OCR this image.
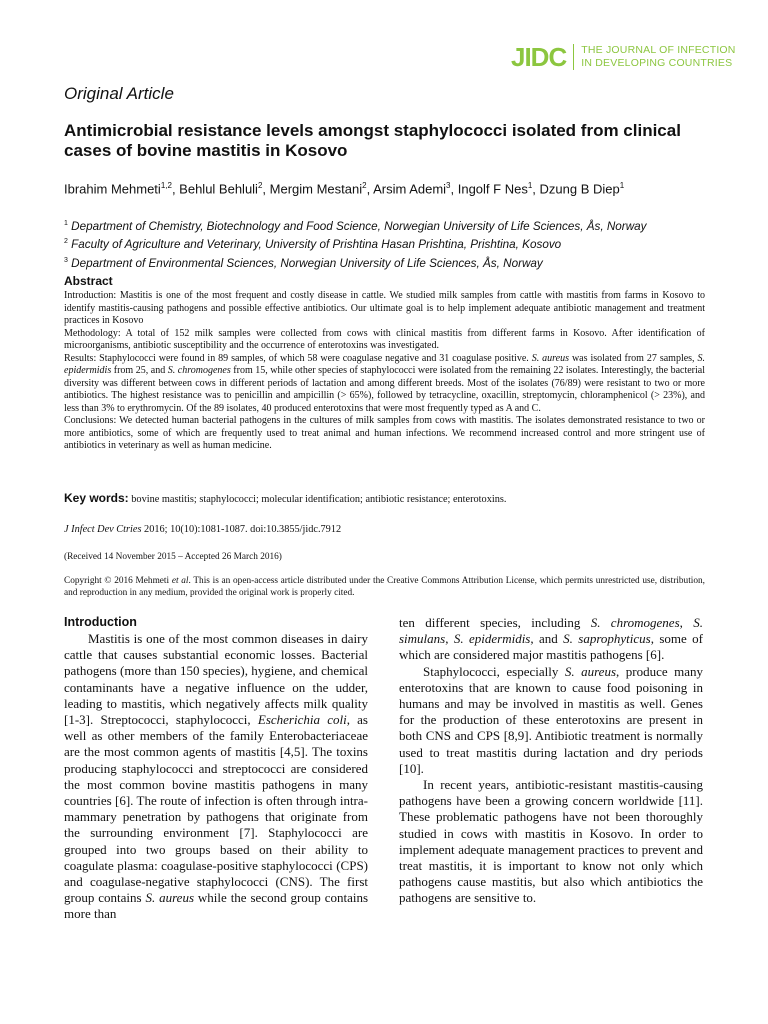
JIDC THE JOURNAL OF INFECTION
IN DEVELOPING COUNTRIES
Original Article
Antimicrobial resistance levels amongst staphylococci isolated from clinical cases of bovine mastitis in Kosovo
Ibrahim Mehmeti$^{1,2}$, Behlul Behluli$^2$, Mergim Mestani$^2$, Arsim Ademi$^3$, Ingolf F Nes$^1$, Dzung B Diep$^1$
$^1$ Department of Chemistry, Biotechnology and Food Science, Norwegian University of Life Sciences, Ås, Norway
$^2$ Faculty of Agriculture and Veterinary, University of Prishtina Hasan Prishtina, Prishtina, Kosovo
$^3$ Department of Environmental Sciences, Norwegian University of Life Sciences, Ås, Norway
Abstract

Introduction: Mastitis is one of the most frequent and costly disease in cattle. We studied milk samples from cattle with mastitis from farms in Kosovo to identify mastitis-causing pathogens and possible effective antibiotics. Our ultimate goal is to help implement adequate antibiotic management and treatment practices in Kosovo

Methodology: A total of 152 milk samples were collected from cows with clinical mastitis from different farms in Kosovo. After identification of microorganisms, antibiotic susceptibility and the occurrence of enterotoxins was investigated.

Results: Staphylococci were found in 89 samples, of which 58 were coagulase negative and 31 coagulase positive. S. aureus was isolated from 27 samples, S. epidermidis from 25, and S. chromogenes from 15, while other species of staphylococci were isolated from the remaining 22 isolates. Interestingly, the bacterial diversity was different between cows in different periods of lactation and among different breeds. Most of the isolates (76/89) were resistant to two or more antibiotics. The highest resistance was to penicillin and ampicillin (> 65%), followed by tetracycline, oxacillin, streptomycin, chloramphenicol (> 23%), and less than 3% to erythromycin. Of the 89 isolates, 40 produced enterotoxins that were most frequently typed as A and C.

Conclusions: We detected human bacterial pathogens in the cultures of milk samples from cows with mastitis. The isolates demonstrated resistance to two or more antibiotics, some of which are frequently used to treat animal and human infections. We recommend increased control and more stringent use of antibiotics in veterinary as well as human medicine.

Key words: bovine mastitis; staphylococci; molecular identification; antibiotic resistance; enterotoxins.
J Infect Dev Ctries 2016; 10(10):1081-1087. doi:10.3855/jidc.7912
(Received 14 November 2015 – Accepted 26 March 2016)
Copyright © 2016 Mehmeti et al. This is an open-access article distributed under the Creative Commons Attribution License, which permits unrestricted use, distribution, and reproduction in any medium, provided the original work is properly cited.
Introduction

Mastitis is one of the most common diseases in dairy cattle that causes substantial economic losses. Bacterial pathogens (more than 150 species), hygiene, and chemical contaminants have a negative influence on the udder, leading to mastitis, which negatively affects milk quality [1-3]. Streptococci, staphylococci, Escherichia coli, as well as other members of the family Enterobacteriaceae are the most common agents of mastitis [4,5]. The toxins producing staphylococci and streptococci are considered the most common bovine mastitis pathogens in many countries [6]. The route of infection is often through intra-mammary penetration by pathogens that originate from the surrounding environment [7]. Staphylococci are grouped into two groups based on their ability to coagulate plasma: coagulase-positive staphylococci (CPS) and coagulase-negative staphylococci (CNS). The first group contains S. aureus while the second group contains more than

ten different species, including S. chromogenes, S. simulans, S. epidermidis, and S. saprophyticus, some of which are considered major mastitis pathogens [6].

Staphylococci, especially S. aureus, produce many enterotoxins that are known to cause food poisoning in humans and may be involved in mastitis as well. Genes for the production of these enterotoxins are present in both CNS and CPS [8,9]. Antibiotic treatment is normally used to treat mastitis during lactation and dry periods [10].

In recent years, antibiotic-resistant mastitis-causing pathogens have been a growing concern worldwide [11]. These problematic pathogens have not been thoroughly studied in cows with mastitis in Kosovo. In order to implement adequate management practices to prevent and treat mastitis, it is important to know not only which pathogens cause mastitis, but also which antibiotics the pathogens are sensitive to.
